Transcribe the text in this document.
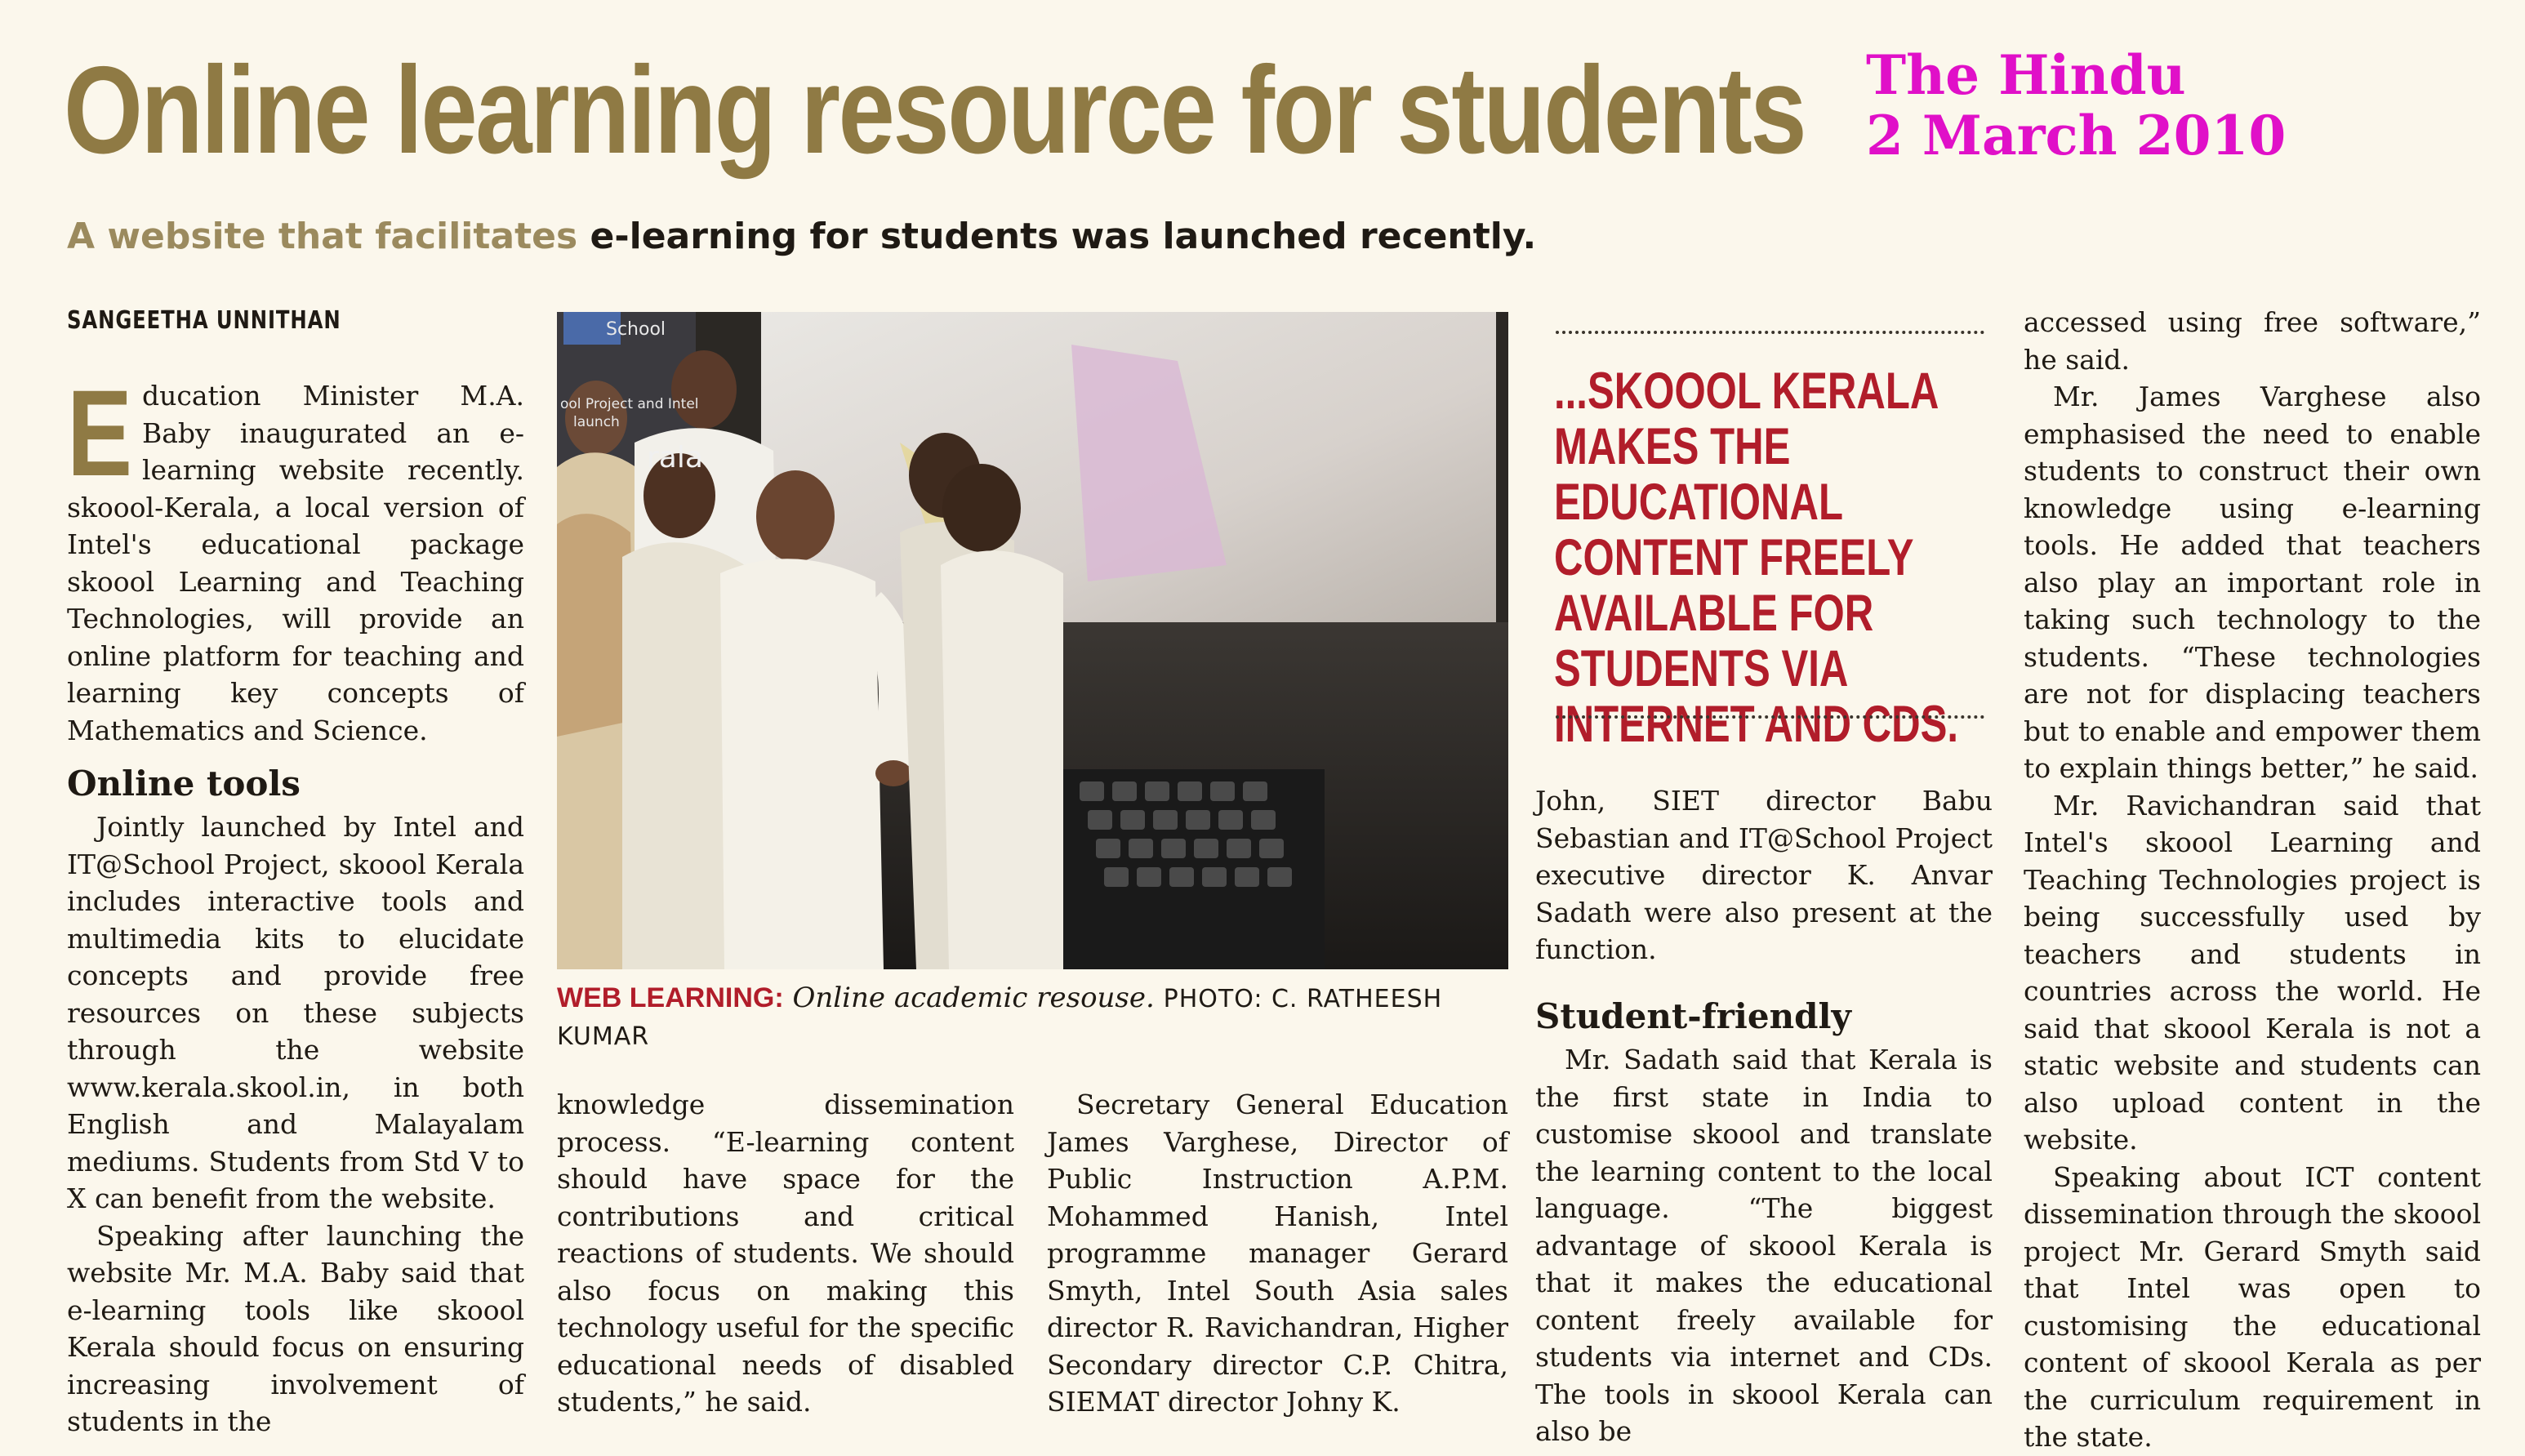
Online learning resource for students The Hindu
2 March 2010
A website that facilitates e-learning for students was launched recently.
SANGEETHA UNNITHAN
E ducation Minister M.A. Baby inaugurated an e-learning website recently. skoool-Kerala, a local version of Intel's educational package skoool Learning and Teaching Technologies, will provide an online platform for teaching and learning key concepts of Mathematics and Science.

Online tools

Jointly launched by Intel and IT@School Project, skoool Kerala includes interactive tools and multimedia kits to elucidate concepts and provide free resources on these subjects through the website www.kerala.skool.in, in both English and Malayalam mediums. Students from Std V to X can benefit from the website.

Speaking after launching the website Mr. M.A. Baby said that e-learning tools like skoool Kerala should focus on ensuring increasing involvement of students in the

School
ool Project and Intel
launch
rala
WEB LEARNING: Online academic resouse. PHOTO: C. RATHEESH KUMAR

knowledge dissemination process. “E-learning content should have space for the contributions and critical reactions of students. We should also focus on making this technology useful for the specific educational needs of disabled students,” he said.

Secretary General Education James Varghese, Director of Public Instruction A.P.M. Mohammed Hanish, Intel programme manager Gerard Smyth, Intel South Asia sales director R. Ravichandran, Higher Secondary director C.P. Chitra, SIEMAT director Johny K.

...SKOOOL KERALA MAKES THE EDUCATIONAL CONTENT FREELY AVAILABLE FOR STUDENTS VIA INTERNET AND CDS.

John, SIET director Babu Sebastian and IT@School Project executive director K. Anvar Sadath were also present at the function.

Student-friendly

Mr. Sadath said that Kerala is the first state in India to customise skoool and translate the learning content to the local language. “The biggest advantage of skoool Kerala is that it makes the educational content freely available for students via internet and CDs. The tools in skoool Kerala can also be

accessed using free software,” he said.

Mr. James Varghese also emphasised the need to enable students to construct their own knowledge using e-learning tools. He added that teachers also play an important role in taking such technology to the students. “These technologies are not for displacing teachers but to enable and empower them to explain things better,” he said.

Mr. Ravichandran said that Intel's skoool Learning and Teaching Technologies project is being successfully used by teachers and students in countries across the world. He said that skoool Kerala is not a static website and students can also upload content in the website.

Speaking about ICT content dissemination through the skoool project Mr. Gerard Smyth said that Intel was open to customising the educational content of skoool Kerala as per the curriculum requirement in the state.
